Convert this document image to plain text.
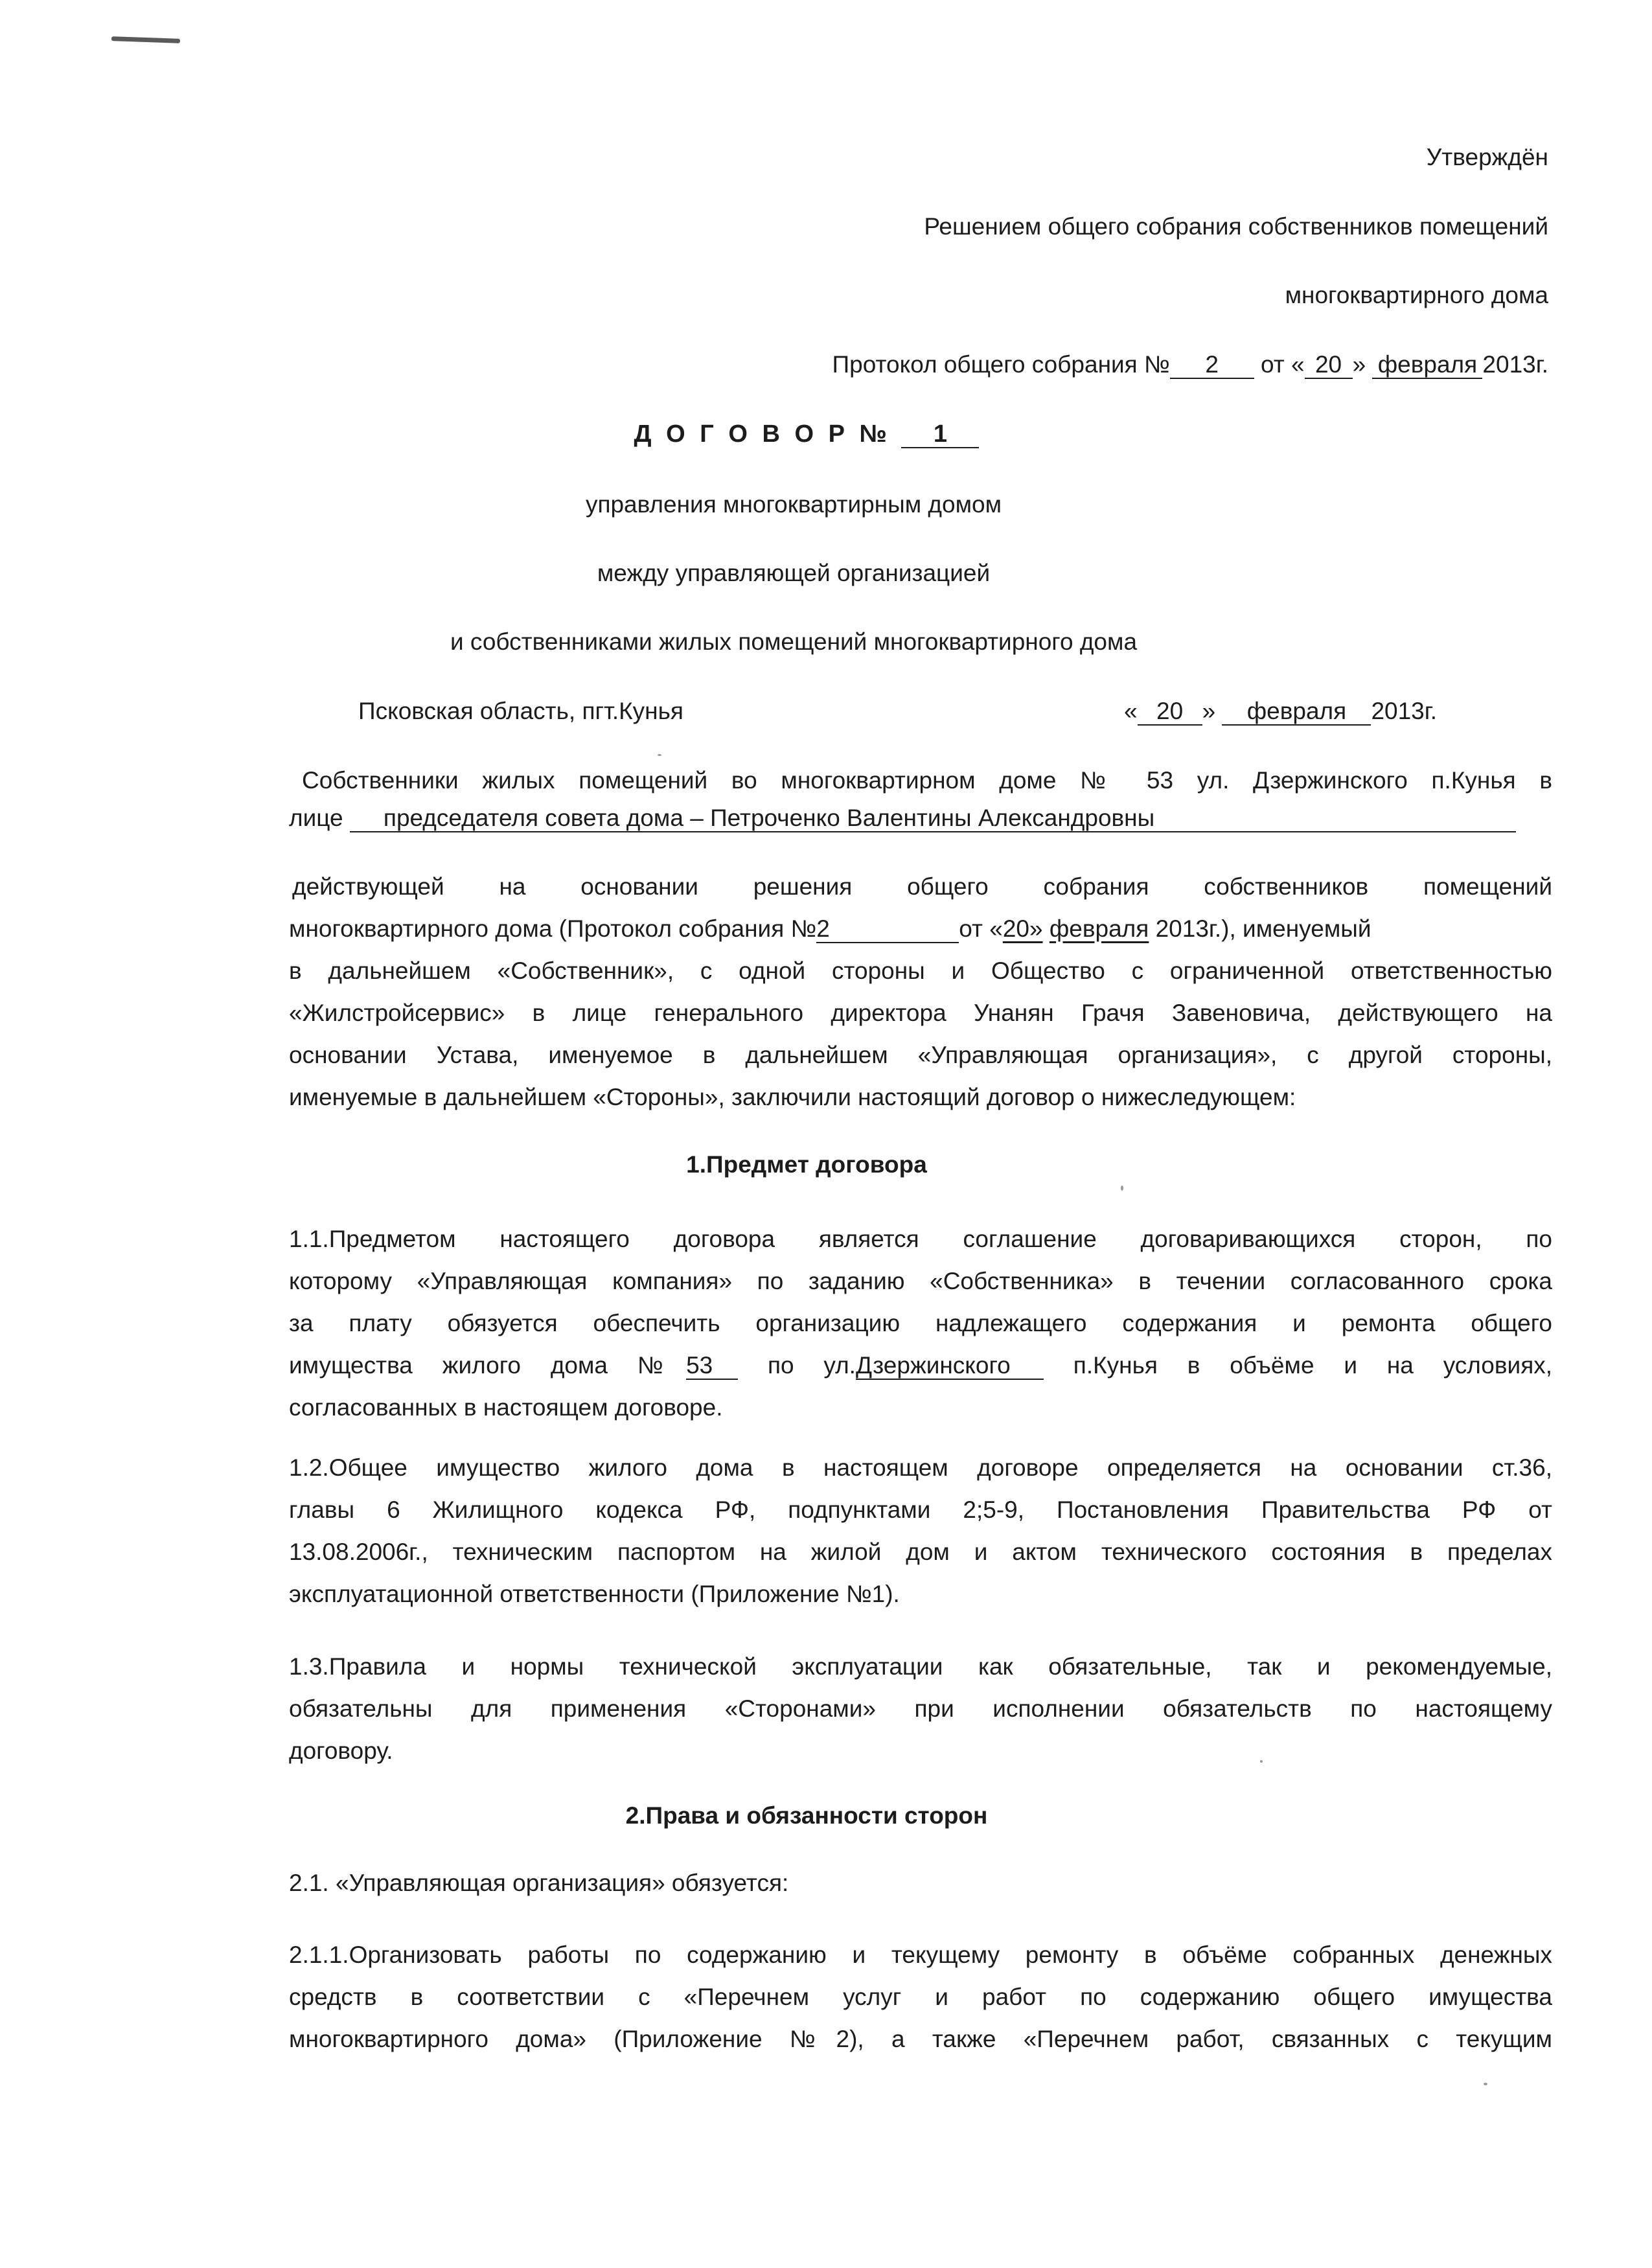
Утверждён
Решением общего собрания собственников помещений
многоквартирного дома
Протокол общего собрания № 2 от « 20 » февраля 2013г.
Д О Г О В О Р № 1
управления многоквартирным домом
между управляющей организацией
и собственниками жилых помещений многоквартирного дома
Псковская область, пгт.Кунья	« 20 » февраля 2013г.
Собственники жилых помещений во многоквартирном доме № 53 ул. Дзержинского п.Кунья в
лице председателя совета дома – Петроченко Валентины Александровны
действующей на основании решения общего собрания собственников помещений
многоквартирного дома (Протокол собрания №2	от «20» февраля 2013г.), именуемый
в дальнейшем «Собственник», с одной стороны и Общество с ограниченной ответственностью
«Жилстройсервис» в лице генерального директора Унанян Грачя Завеновича, действующего на
основании Устава, именуемое в дальнейшем «Управляющая организация», с другой стороны,
именуемые в дальнейшем «Стороны», заключили настоящий договор о нижеследующем:
1.Предмет договора
1.1.Предметом настоящего договора является соглашение договаривающихся сторон, по
которому «Управляющая компания» по заданию «Собственника» в течении согласованного срока
за плату обязуется обеспечить организацию надлежащего содержания и ремонта общего
имущества жилого дома №53 по ул.Дзержинского	п.Кунья в объёме и на условиях,
согласованных в настоящем договоре.
1.2.Общее имущество жилого дома в настоящем договоре определяется на основании ст.36,
главы 6 Жилищного кодекса РФ, подпунктами 2;5-9, Постановления Правительства РФ от
13.08.2006г., техническим паспортом на жилой дом и актом технического состояния в пределах
эксплуатационной ответственности (Приложение №1).
1.3.Правила и нормы технической эксплуатации как обязательные, так и рекомендуемые,
обязательны для применения «Сторонами» при исполнении обязательств по настоящему
договору.
2.Права и обязанности сторон
2.1. «Управляющая организация» обязуется:
2.1.1.Организовать работы по содержанию и текущему ремонту в объёме собранных денежных
средств в соответствии с «Перечнем услуг и работ по содержанию общего имущества
многоквартирного дома» (Приложение №2), а также «Перечнем работ, связанных с текущим
